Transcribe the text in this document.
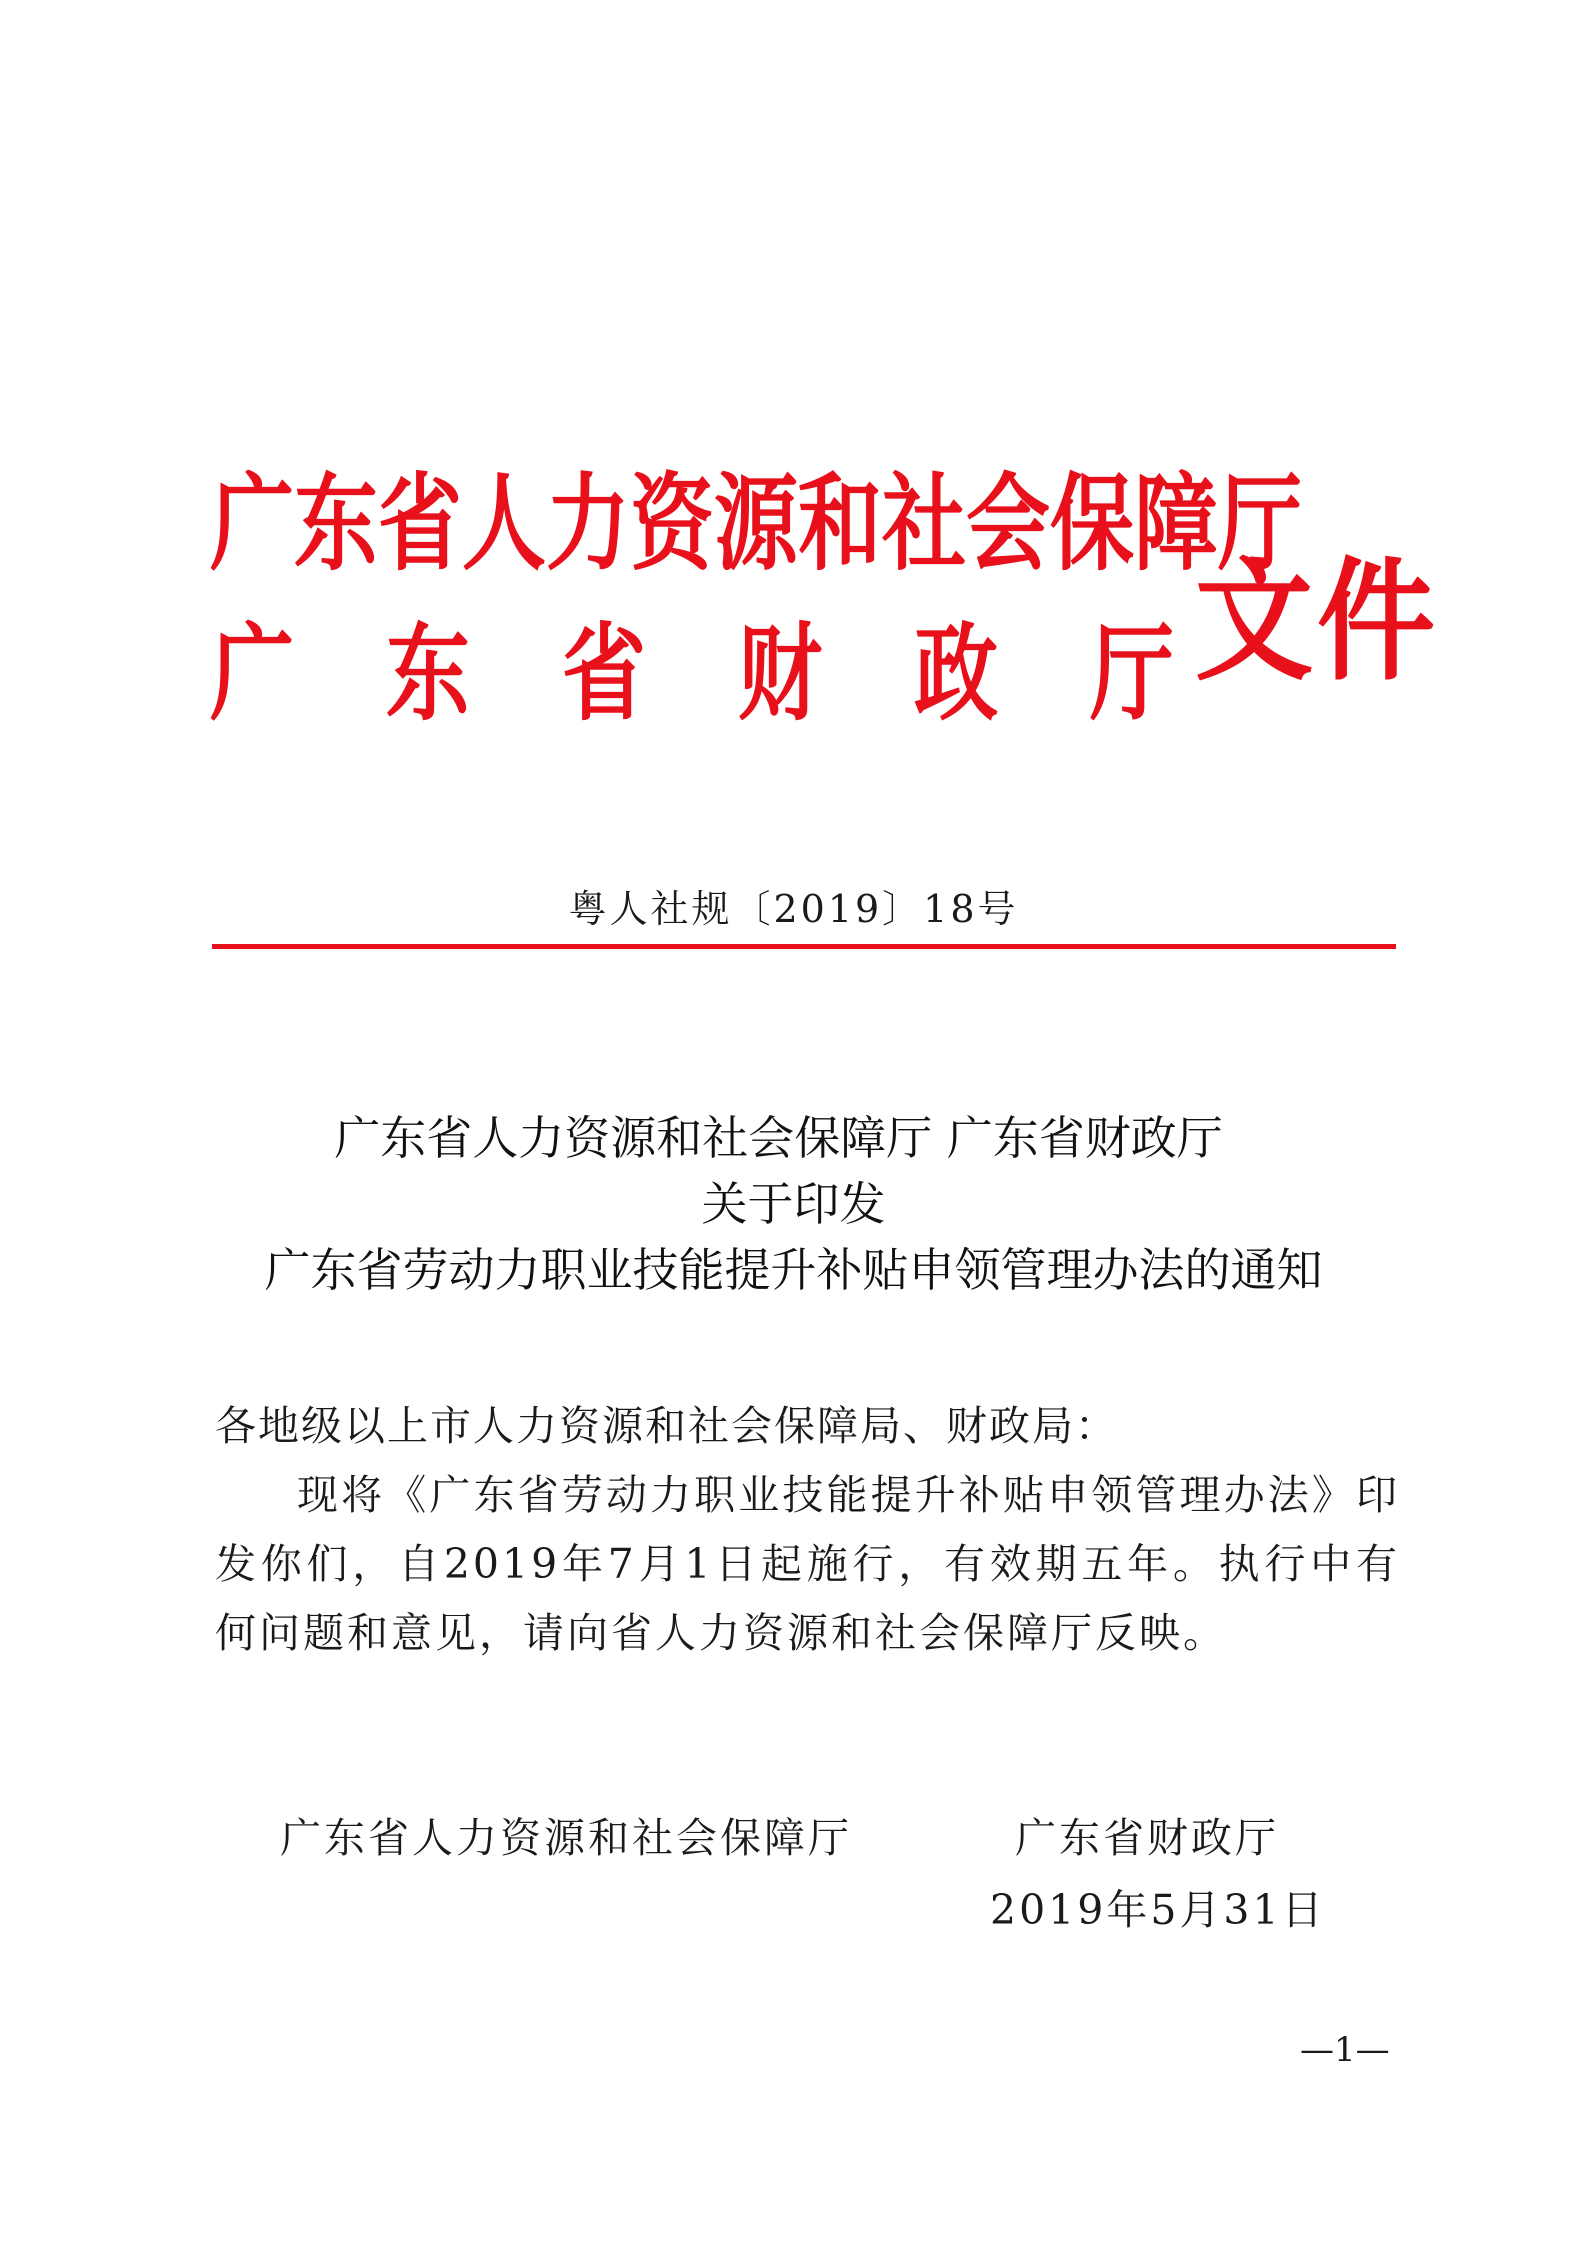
广东省人力资源和社会保障厅
广东省财政厅
文件
粤人社规〔2019〕18号
广东省人力资源和社会保障厅 广东省财政厅
关于印发
广东省劳动力职业技能提升补贴申领管理办法的通知
各地级以上市人力资源和社会保障局、财政局：
现将《广东省劳动力职业技能提升补贴申领管理办法》印发你们，自2019年7月1日起施行，有效期五年。执行中有何问题和意见，请向省人力资源和社会保障厅反映。
广东省人力资源和社会保障厅	广东省财政厅
2019年5月31日
—1—
